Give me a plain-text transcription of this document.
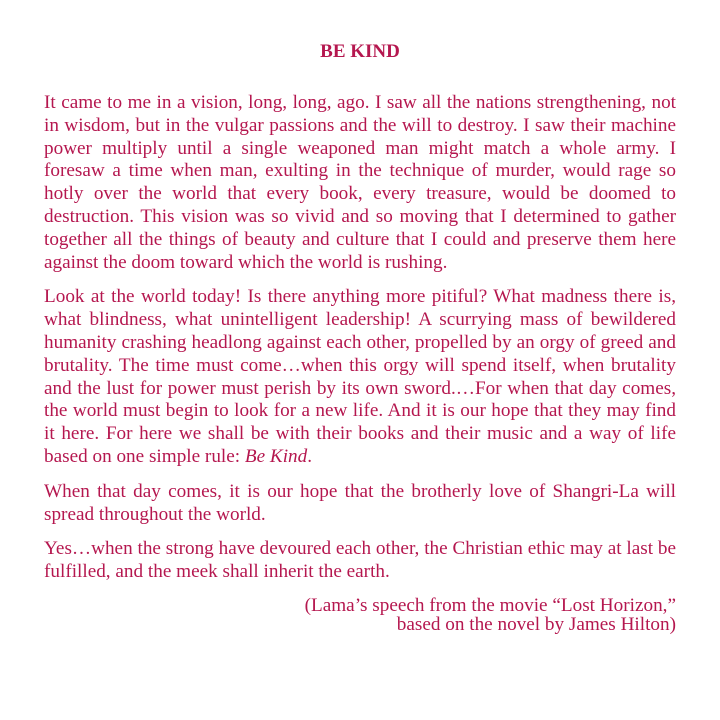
BE KIND

It came to me in a vision, long, long, ago. I saw all the nations strengthening, not in wisdom, but in the vulgar passions and the will to destroy. I saw their machine power multiply until a single weaponed man might match a whole army. I foresaw a time when man, exulting in the technique of murder, would rage so hotly over the world that every book, every treasure, would be doomed to destruction. This vision was so vivid and so moving that I determined to gather together all the things of beauty and culture that I could and preserve them here against the doom toward which the world is rushing.

Look at the world today! Is there anything more pitiful? What madness there is, what blindness, what unintelligent leadership! A scurrying mass of bewildered humanity crashing headlong against each other, propelled by an orgy of greed and brutality. The time must come…when this orgy will spend itself, when brutality and the lust for power must perish by its own sword.…For when that day comes, the world must begin to look for a new life. And it is our hope that they may find it here. For here we shall be with their books and their music and a way of life based on one simple rule: Be Kind.

When that day comes, it is our hope that the brotherly love of Shangri-La will spread throughout the world.

Yes…when the strong have devoured each other, the Christian ethic may at last be fulfilled, and the meek shall inherit the earth.

(Lama’s speech from the movie “Lost Horizon,”
based on the novel by James Hilton)
